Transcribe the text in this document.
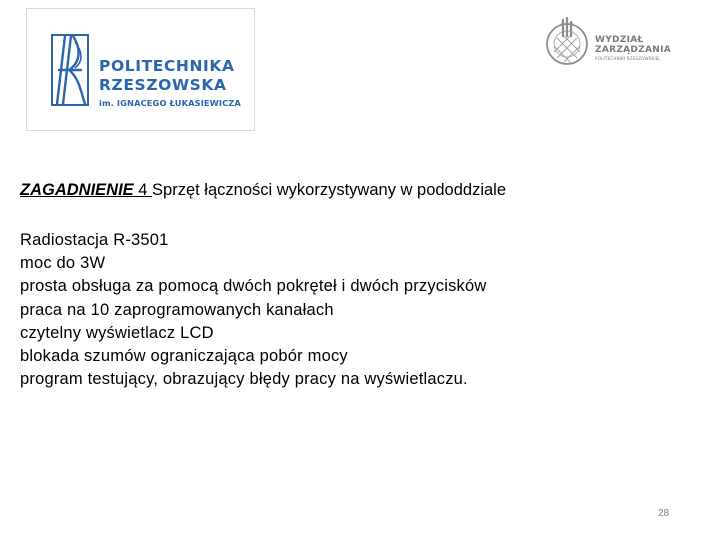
POLITECHNIKA
RZESZOWSKA
im. IGNACEGO ŁUKASIEWICZA
WYDZIAŁ
ZARZĄDZANIA
POLITECHNIKI RZESZOWSKIEJ
ZAGADNIENIE 4 Sprzęt łączności wykorzystywany w pododdziale
Radiostacja R-3501
moc do 3W
prosta obsługa za pomocą dwóch pokręteł i dwóch przycisków
praca na 10 zaprogramowanych kanałach
czytelny wyświetlacz LCD
blokada szumów ograniczająca pobór mocy
program testujący, obrazujący błędy pracy na wyświetlaczu.
28
